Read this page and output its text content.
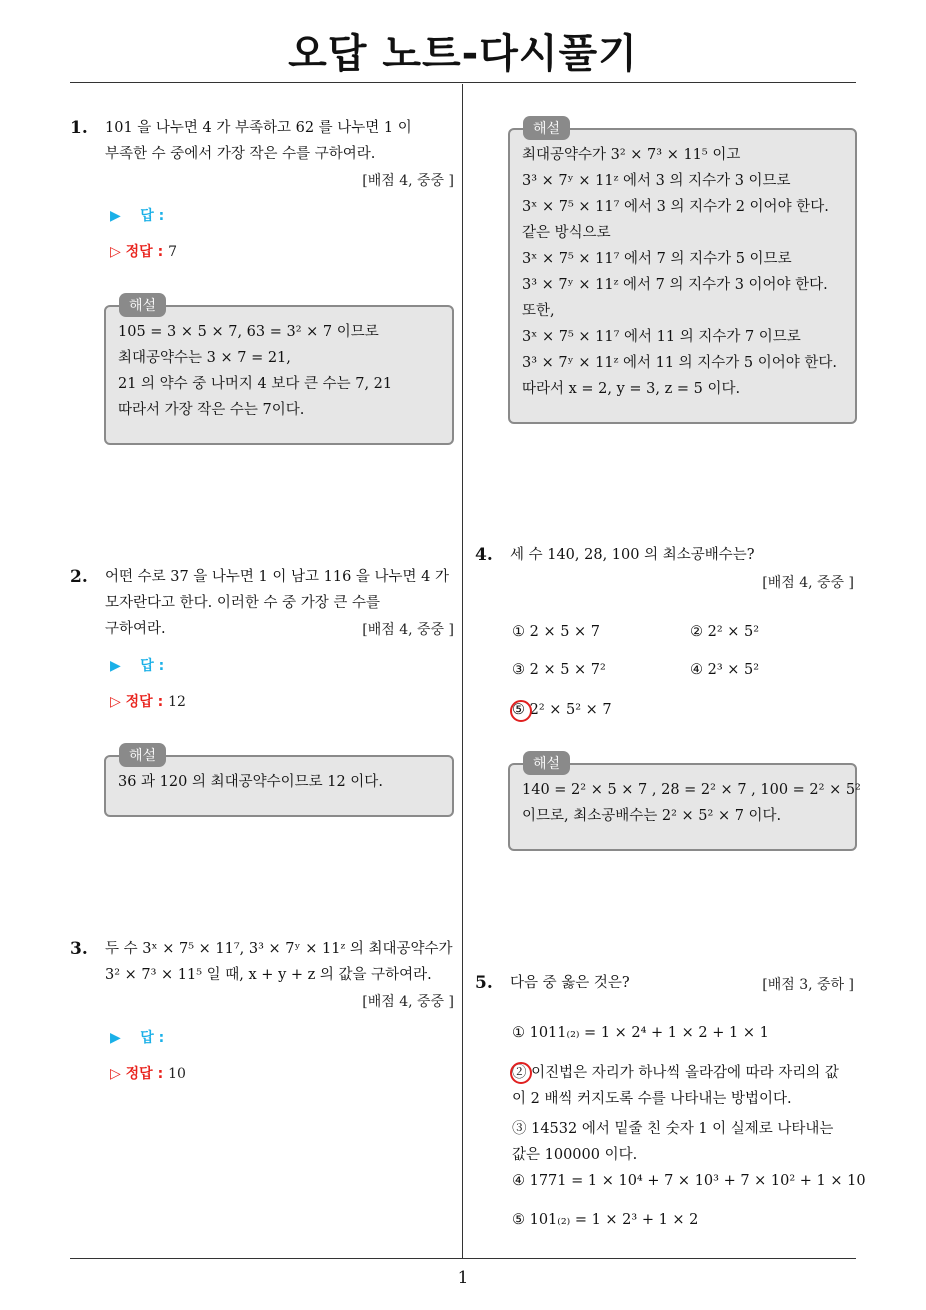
오답 노트-다시풀기
1
1. 101 을 나누면 4 가 부족하고 62 를 나누면 1 이
부족한 수 중에서 가장 작은 수를 구하여라.
[배점 4, 중중 ]
▶ 답 :
▷ 정답 : 7
105 = 3 × 5 × 7, 63 = 3² × 7 이므로
최대공약수는 3 × 7 = 21,
21 의 약수 중 나머지 4 보다 큰 수는 7, 21
따라서 가장 작은 수는 7이다.
해설
2. 어떤 수로 37 을 나누면 1 이 남고 116 을 나누면 4 가
모자란다고 한다. 이러한 수 중 가장 큰 수를
구하여라.	[배점 4, 중중 ]
▶ 답 :
▷ 정답 : 12
36 과 120 의 최대공약수이므로 12 이다.
해설
3. 두 수 3ˣ × 7⁵ × 11⁷, 3³ × 7ʸ × 11ᶻ 의 최대공약수가
3² × 7³ × 11⁵ 일 때, x + y + z 의 값을 구하여라.
[배점 4, 중중 ]
▶ 답 :
▷ 정답 : 10
최대공약수가 3² × 7³ × 11⁵ 이고
3³ × 7ʸ × 11ᶻ 에서 3 의 지수가 3 이므로
3ˣ × 7⁵ × 11⁷ 에서 3 의 지수가 2 이어야 한다.
같은 방식으로
3ˣ × 7⁵ × 11⁷ 에서 7 의 지수가 5 이므로
3³ × 7ʸ × 11ᶻ 에서 7 의 지수가 3 이어야 한다.
또한,
3ˣ × 7⁵ × 11⁷ 에서 11 의 지수가 7 이므로
3³ × 7ʸ × 11ᶻ 에서 11 의 지수가 5 이어야 한다.
따라서 x = 2, y = 3, z = 5 이다.
해설
4. 세 수 140, 28, 100 의 최소공배수는?
[배점 4, 중중 ]
① 2 × 5 × 7	② 2² × 5²
③ 2 × 5 × 7²	④ 2³ × 5²
⑤ 2² × 5² × 7
140 = 2² × 5 × 7 , 28 = 2² × 7 , 100 = 2² × 5²
이므로, 최소공배수는 2² × 5² × 7 이다.
해설
5. 다음 중 옳은 것은?	[배점 3, 중하 ]
① 1011₍₂₎ = 1 × 2⁴ + 1 × 2 + 1 × 1
② 이진법은 자리가 하나씩 올라감에 따라 자리의 값이 2 배씩 커지도록 수를 나타내는 방법이다.
③ 14532 에서 밑줄 친 숫자 1 이 실제로 나타내는 값은 100000 이다.
④ 1771 = 1 × 10⁴ + 7 × 10³ + 7 × 10² + 1 × 10
⑤ 101₍₂₎ = 1 × 2³ + 1 × 2
